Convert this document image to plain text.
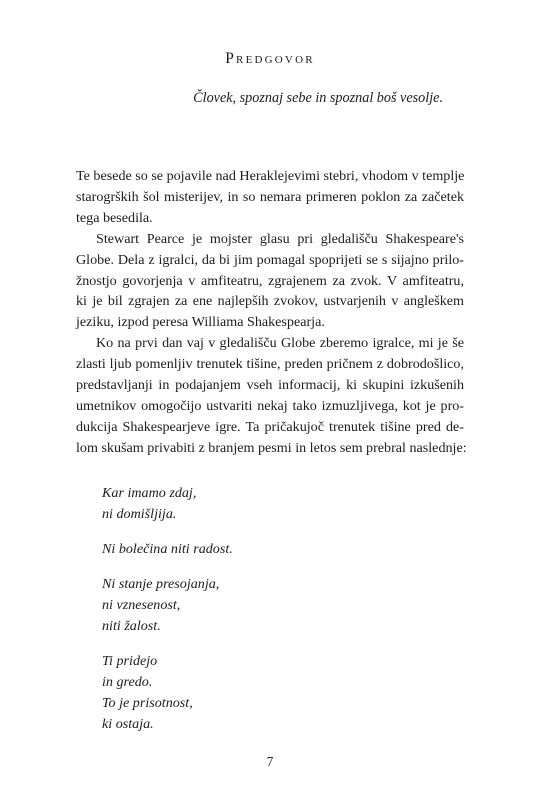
Predgovor

Človek, spoznaj sebe in spoznal boš vesolje.

Te besede so se pojavile nad Heraklejevimi stebri, vhodom v templje
starogrških šol misterijev, in so nemara primeren poklon za začetek
tega besedila.

Stewart Pearce je mojster glasu pri gledališču Shakespeare's
Globe. Dela z igralci, da bi jim pomagal spoprijeti se s sijajno prilo-
žnostjo govorjenja v amfiteatru, zgrajenem za zvok. V amfiteatru,
ki je bil zgrajen za ene najlepših zvokov, ustvarjenih v angleškem
jeziku, izpod peresa Williama Shakespearja.

Ko na prvi dan vaj v gledališču Globe zberemo igralce, mi je še
zlasti ljub pomenljiv trenutek tišine, preden pričnem z dobrodošlico,
predstavljanji in podajanjem vseh informacij, ki skupini izkušenih
umetnikov omogočijo ustvariti nekaj tako izmuzljivega, kot je pro-
dukcija Shakespearjeve igre. Ta pričakujoč trenutek tišine pred de-
lom skušam privabiti z branjem pesmi in letos sem prebral naslednje:

Kar imamo zdaj,
ni domišljija.
Ni bolečina niti radost.
Ni stanje presojanja,
ni vznesenost,
niti žalost.
Ti pridejo
in gredo.
To je prisotnost,
ki ostaja.
7
